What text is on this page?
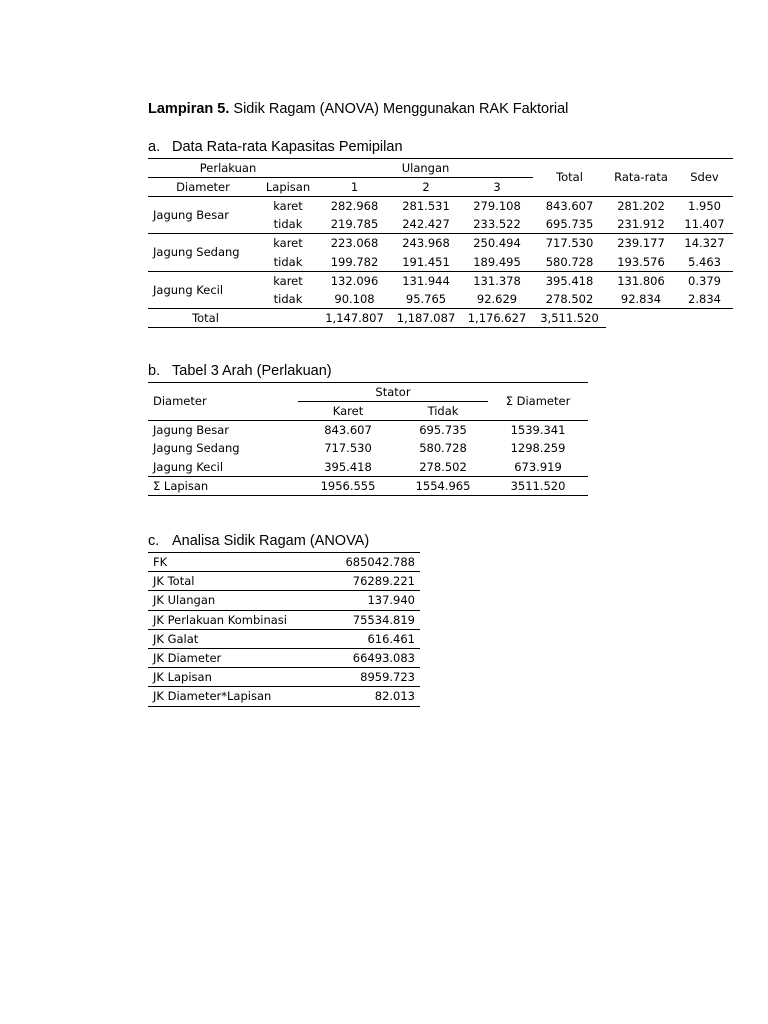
Lampiran 5. Sidik Ragam (ANOVA) Menggunakan RAK Faktorial
a. Data Rata-rata Kapasitas Pemipilan
Perlakuan		Ulangan			Total	Rata-rata	Sdev
Diameter	Lapisan	1	2	3			
Jagung Besar	karet	282.968	281.531	279.108	843.607	281.202	1.950
	tidak	219.785	242.427	233.522	695.735	231.912	11.407
Jagung Sedang	karet	223.068	243.968	250.494	717.530	239.177	14.327
	tidak	199.782	191.451	189.495	580.728	193.576	5.463
Jagung Kecil	karet	132.096	131.944	131.378	395.418	131.806	0.379
	tidak	90.108	95.765	92.629	278.502	92.834	2.834
Total		1,147.807	1,187.087	1,176.627	3,511.520		
b. Tabel 3 Arah (Perlakuan)
Diameter	Stator		Σ Diameter
	Karet	Tidak	
Jagung Besar	843.607	695.735	1539.341
Jagung Sedang	717.530	580.728	1298.259
Jagung Kecil	395.418	278.502	673.919
Σ Lapisan	1956.555	1554.965	3511.520
c. Analisa Sidik Ragam (ANOVA)
FK	685042.788
JK Total	76289.221
JK Ulangan	137.940
JK Perlakuan Kombinasi	75534.819
JK Galat	616.461
JK Diameter	66493.083
JK Lapisan	8959.723
JK Diameter*Lapisan	82.013
